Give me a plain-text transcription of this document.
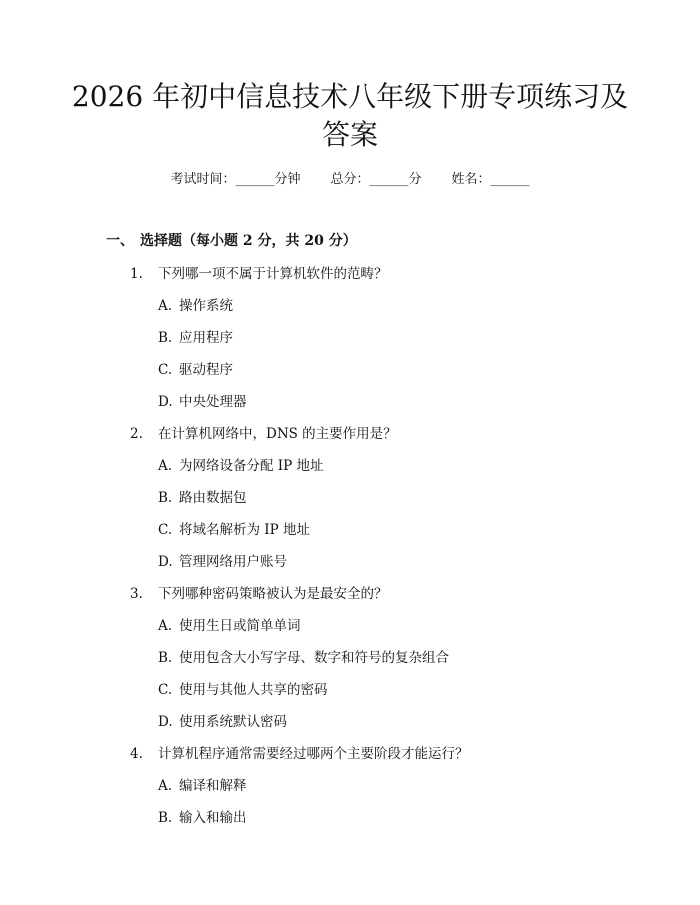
2026 年初中信息技术八年级下册专项练习及
答案
考试时间：______分钟 总分：______分 姓名：______
一、 选择题（每小题 2 分，共 20 分）
1. 下列哪一项不属于计算机软件的范畴？
A. 操作系统
B. 应用程序
C. 驱动程序
D. 中央处理器
2. 在计算机网络中，DNS 的主要作用是？
A. 为网络设备分配 IP 地址
B. 路由数据包
C. 将域名解析为 IP 地址
D. 管理网络用户账号
3. 下列哪种密码策略被认为是最安全的？
A. 使用生日或简单单词
B. 使用包含大小写字母、数字和符号的复杂组合
C. 使用与其他人共享的密码
D. 使用系统默认密码
4. 计算机程序通常需要经过哪两个主要阶段才能运行？
A. 编译和解释
B. 输入和输出
